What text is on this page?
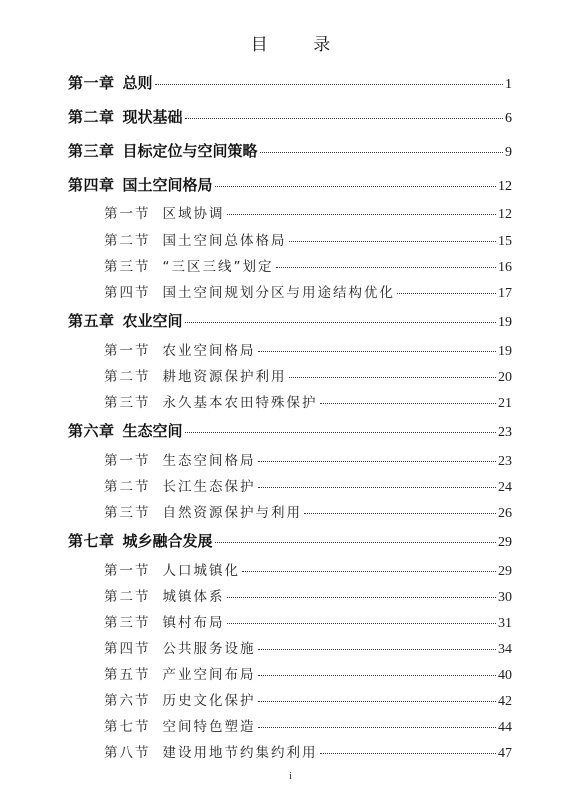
目 录
第一章 总则	1
第二章 现状基础	6
第三章 目标定位与空间策略	9
第四章 国土空间格局	12
第一节 区域协调	12
第二节 国土空间总体格局	15
第三节 “三区三线”划定	16
第四节 国土空间规划分区与用途结构优化	17
第五章 农业空间	19
第一节 农业空间格局	19
第二节 耕地资源保护利用	20
第三节 永久基本农田特殊保护	21
第六章 生态空间	23
第一节 生态空间格局	23
第二节 长江生态保护	24
第三节 自然资源保护与利用	26
第七章 城乡融合发展	29
第一节 人口城镇化	29
第二节 城镇体系	30
第三节 镇村布局	31
第四节 公共服务设施	34
第五节 产业空间布局	40
第六节 历史文化保护	42
第七节 空间特色塑造	44
第八节 建设用地节约集约利用	47
i
